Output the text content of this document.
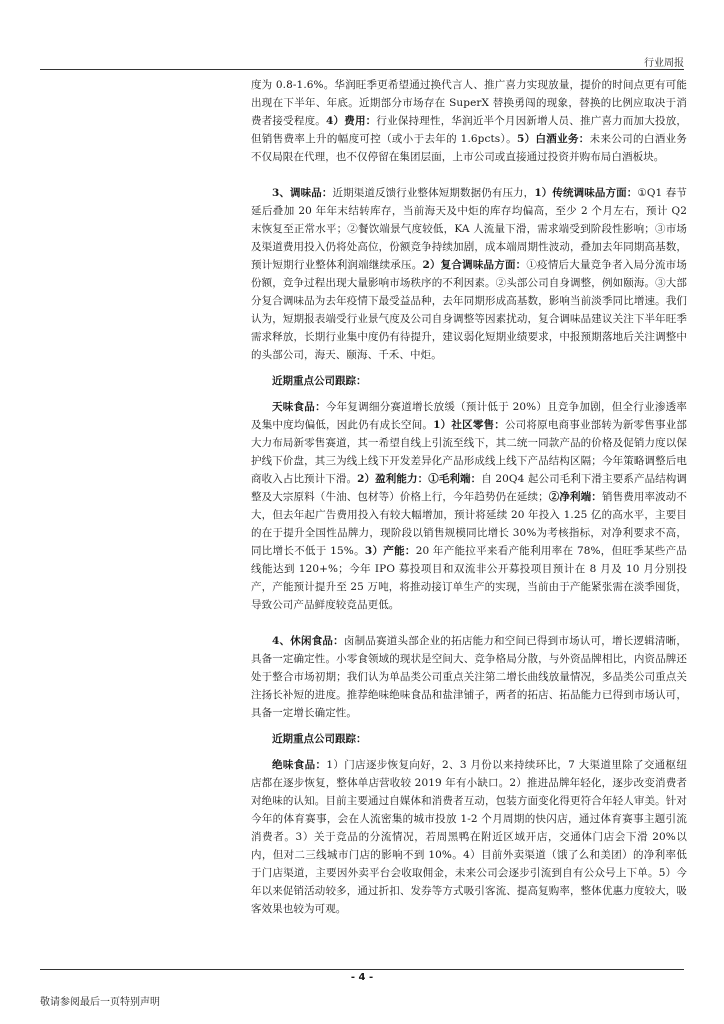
行业周报

度为 0.8-1.6%。华润旺季更希望通过换代言人、推广喜力实现放量，提价的时间点更有可能出现在下半年、年底。近期部分市场存在 SuperX 替换勇闯的现象，替换的比例应取决于消费者接受程度。4）费用：行业保持理性，华润近半个月因新增人员、推广喜力而加大投放，但销售费率上升的幅度可控（或小于去年的 1.6pcts）。5）白酒业务：未来公司的白酒业务不仅局限在代理，也不仅停留在集团层面，上市公司或直接通过投资并购布局白酒板块。

3、调味品：近期渠道反馈行业整体短期数据仍有压力，1）传统调味品方面：①Q1 春节延后叠加 20 年年末结转库存，当前海天及中炬的库存均偏高，至少 2 个月左右，预计 Q2 末恢复至正常水平；②餐饮端景气度较低，KA 人流量下滑，需求端受到阶段性影响；③市场及渠道费用投入仍将处高位，份额竞争持续加剧，成本端周期性波动，叠加去年同期高基数，预计短期行业整体利润端继续承压。2）复合调味品方面：①疫情后大量竞争者入局分流市场份额，竞争过程出现大量影响市场秩序的不利因素。②头部公司自身调整，例如颐海。③大部分复合调味品为去年疫情下最受益品种，去年同期形成高基数，影响当前淡季同比增速。我们认为，短期报表端受行业景气度及公司自身调整等因素扰动，复合调味品建议关注下半年旺季需求释放，长期行业集中度仍有待提升，建议弱化短期业绩要求，中报预期落地后关注调整中的头部公司，海天、颐海、千禾、中炬。

近期重点公司跟踪：

天味食品：今年复调细分赛道增长放缓（预计低于 20%）且竞争加剧，但全行业渗透率及集中度均偏低，因此仍有成长空间。1）社区零售：公司将原电商事业部转为新零售事业部大力布局新零售赛道，其一希望自线上引流至线下，其二统一同款产品的价格及促销力度以保护线下价盘，其三为线上线下开发差异化产品形成线上线下产品结构区隔；今年策略调整后电商收入占比预计下滑。2）盈利能力：①毛利端：自 20Q4 起公司毛利下滑主要系产品结构调整及大宗原料（牛油、包材等）价格上行，今年趋势仍在延续；②净利端：销售费用率波动不大，但去年起广告费用投入有较大幅增加，预计将延续 20 年投入 1.25 亿的高水平，主要目的在于提升全国性品牌力，现阶段以销售规模同比增长 30%为考核指标，对净利要求不高，同比增长不低于 15%。3）产能：20 年产能拉平来看产能利用率在 78%，但旺季某些产品线能达到 120+%；今年 IPO 募投项目和双流非公开募投项目预计在 8 月及 10 月分别投产，产能预计提升至 25 万吨，将推动接订单生产的实现，当前由于产能紧张需在淡季囤货，导致公司产品鲜度较竞品更低。

4、休闲食品：卤制品赛道头部企业的拓店能力和空间已得到市场认可，增长逻辑清晰，具备一定确定性。小零食领域的现状是空间大、竞争格局分散，与外资品牌相比，内资品牌还处于整合市场初期；我们认为单品类公司重点关注第二增长曲线放量情况，多品类公司重点关注扬长补短的进度。推荐绝味绝味食品和盐津铺子，两者的拓店、拓品能力已得到市场认可，具备一定增长确定性。

近期重点公司跟踪：

绝味食品：1）门店逐步恢复向好，2、3 月份以来持续环比，7 大渠道里除了交通枢纽店都在逐步恢复，整体单店营收较 2019 年有小缺口。2）推进品牌年轻化，逐步改变消费者对绝味的认知。目前主要通过自媒体和消费者互动，包装方面变化得更符合年轻人审美。针对今年的体育赛事，会在人流密集的城市投放 1-2 个月周期的快闪店，通过体育赛事主题引流消费者。3）关于竞品的分流情况，若周黑鸭在附近区域开店，交通体门店会下滑 20%以内，但对二三线城市门店的影响不到 10%。4）目前外卖渠道（饿了么和美团）的净利率低于门店渠道，主要因外卖平台会收取佣金，未来公司会逐步引流到自有公众号上下单。5）今年以来促销活动较多，通过折扣、发券等方式吸引客流、提高复购率，整体优惠力度较大，吸客效果也较为可观。

- 4 -
敬请参阅最后一页特别声明
